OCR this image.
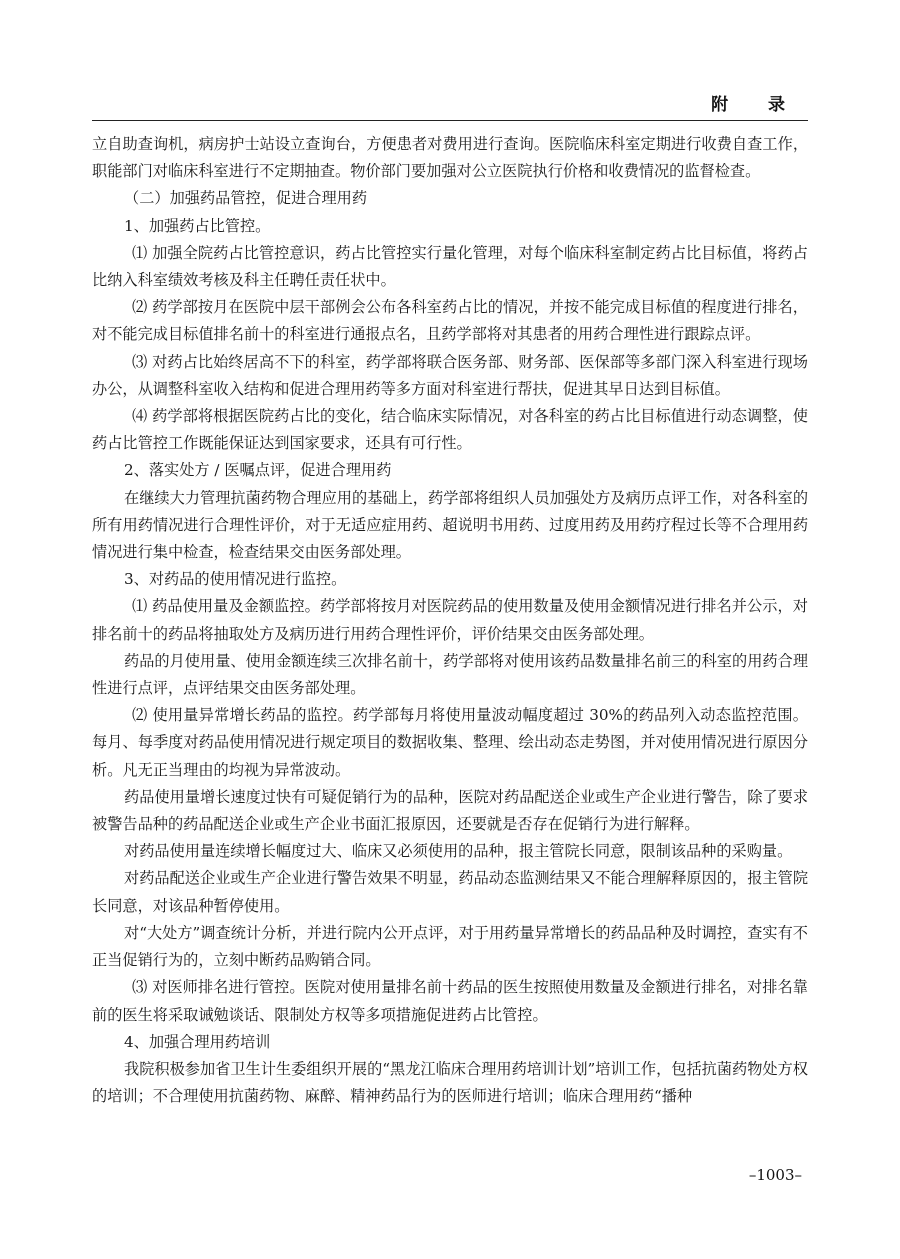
附 录

立自助查询机，病房护士站设立查询台，方便患者对费用进行查询。医院临床科室定期进行收费自查工作，职能部门对临床科室进行不定期抽查。物价部门要加强对公立医院执行价格和收费情况的监督检查。

（二）加强药品管控，促进合理用药

1、加强药占比管控。

⑴ 加强全院药占比管控意识，药占比管控实行量化管理，对每个临床科室制定药占比目标值，将药占比纳入科室绩效考核及科主任聘任责任状中。

⑵ 药学部按月在医院中层干部例会公布各科室药占比的情况，并按不能完成目标值的程度进行排名，对不能完成目标值排名前十的科室进行通报点名，且药学部将对其患者的用药合理性进行跟踪点评。

⑶ 对药占比始终居高不下的科室，药学部将联合医务部、财务部、医保部等多部门深入科室进行现场办公，从调整科室收入结构和促进合理用药等多方面对科室进行帮扶，促进其早日达到目标值。

⑷ 药学部将根据医院药占比的变化，结合临床实际情况，对各科室的药占比目标值进行动态调整，使药占比管控工作既能保证达到国家要求，还具有可行性。

2、落实处方 / 医嘱点评，促进合理用药

在继续大力管理抗菌药物合理应用的基础上，药学部将组织人员加强处方及病历点评工作，对各科室的所有用药情况进行合理性评价，对于无适应症用药、超说明书用药、过度用药及用药疗程过长等不合理用药情况进行集中检查，检查结果交由医务部处理。

3、对药品的使用情况进行监控。

⑴ 药品使用量及金额监控。药学部将按月对医院药品的使用数量及使用金额情况进行排名并公示，对排名前十的药品将抽取处方及病历进行用药合理性评价，评价结果交由医务部处理。

药品的月使用量、使用金额连续三次排名前十，药学部将对使用该药品数量排名前三的科室的用药合理性进行点评，点评结果交由医务部处理。

⑵ 使用量异常增长药品的监控。药学部每月将使用量波动幅度超过 30%的药品列入动态监控范围。每月、每季度对药品使用情况进行规定项目的数据收集、整理、绘出动态走势图，并对使用情况进行原因分析。凡无正当理由的均视为异常波动。

药品使用量增长速度过快有可疑促销行为的品种，医院对药品配送企业或生产企业进行警告，除了要求被警告品种的药品配送企业或生产企业书面汇报原因，还要就是否存在促销行为进行解释。

对药品使用量连续增长幅度过大、临床又必须使用的品种，报主管院长同意，限制该品种的采购量。

对药品配送企业或生产企业进行警告效果不明显，药品动态监测结果又不能合理解释原因的，报主管院长同意，对该品种暂停使用。

对“大处方”调查统计分析，并进行院内公开点评，对于用药量异常增长的药品品种及时调控，查实有不正当促销行为的，立刻中断药品购销合同。

⑶ 对医师排名进行管控。医院对使用量排名前十药品的医生按照使用数量及金额进行排名，对排名靠前的医生将采取诫勉谈话、限制处方权等多项措施促进药占比管控。

4、加强合理用药培训

我院积极参加省卫生计生委组织开展的“黑龙江临床合理用药培训计划”培训工作，包括抗菌药物处方权的培训；不合理使用抗菌药物、麻醉、精神药品行为的医师进行培训；临床合理用药“播种

–1003–
